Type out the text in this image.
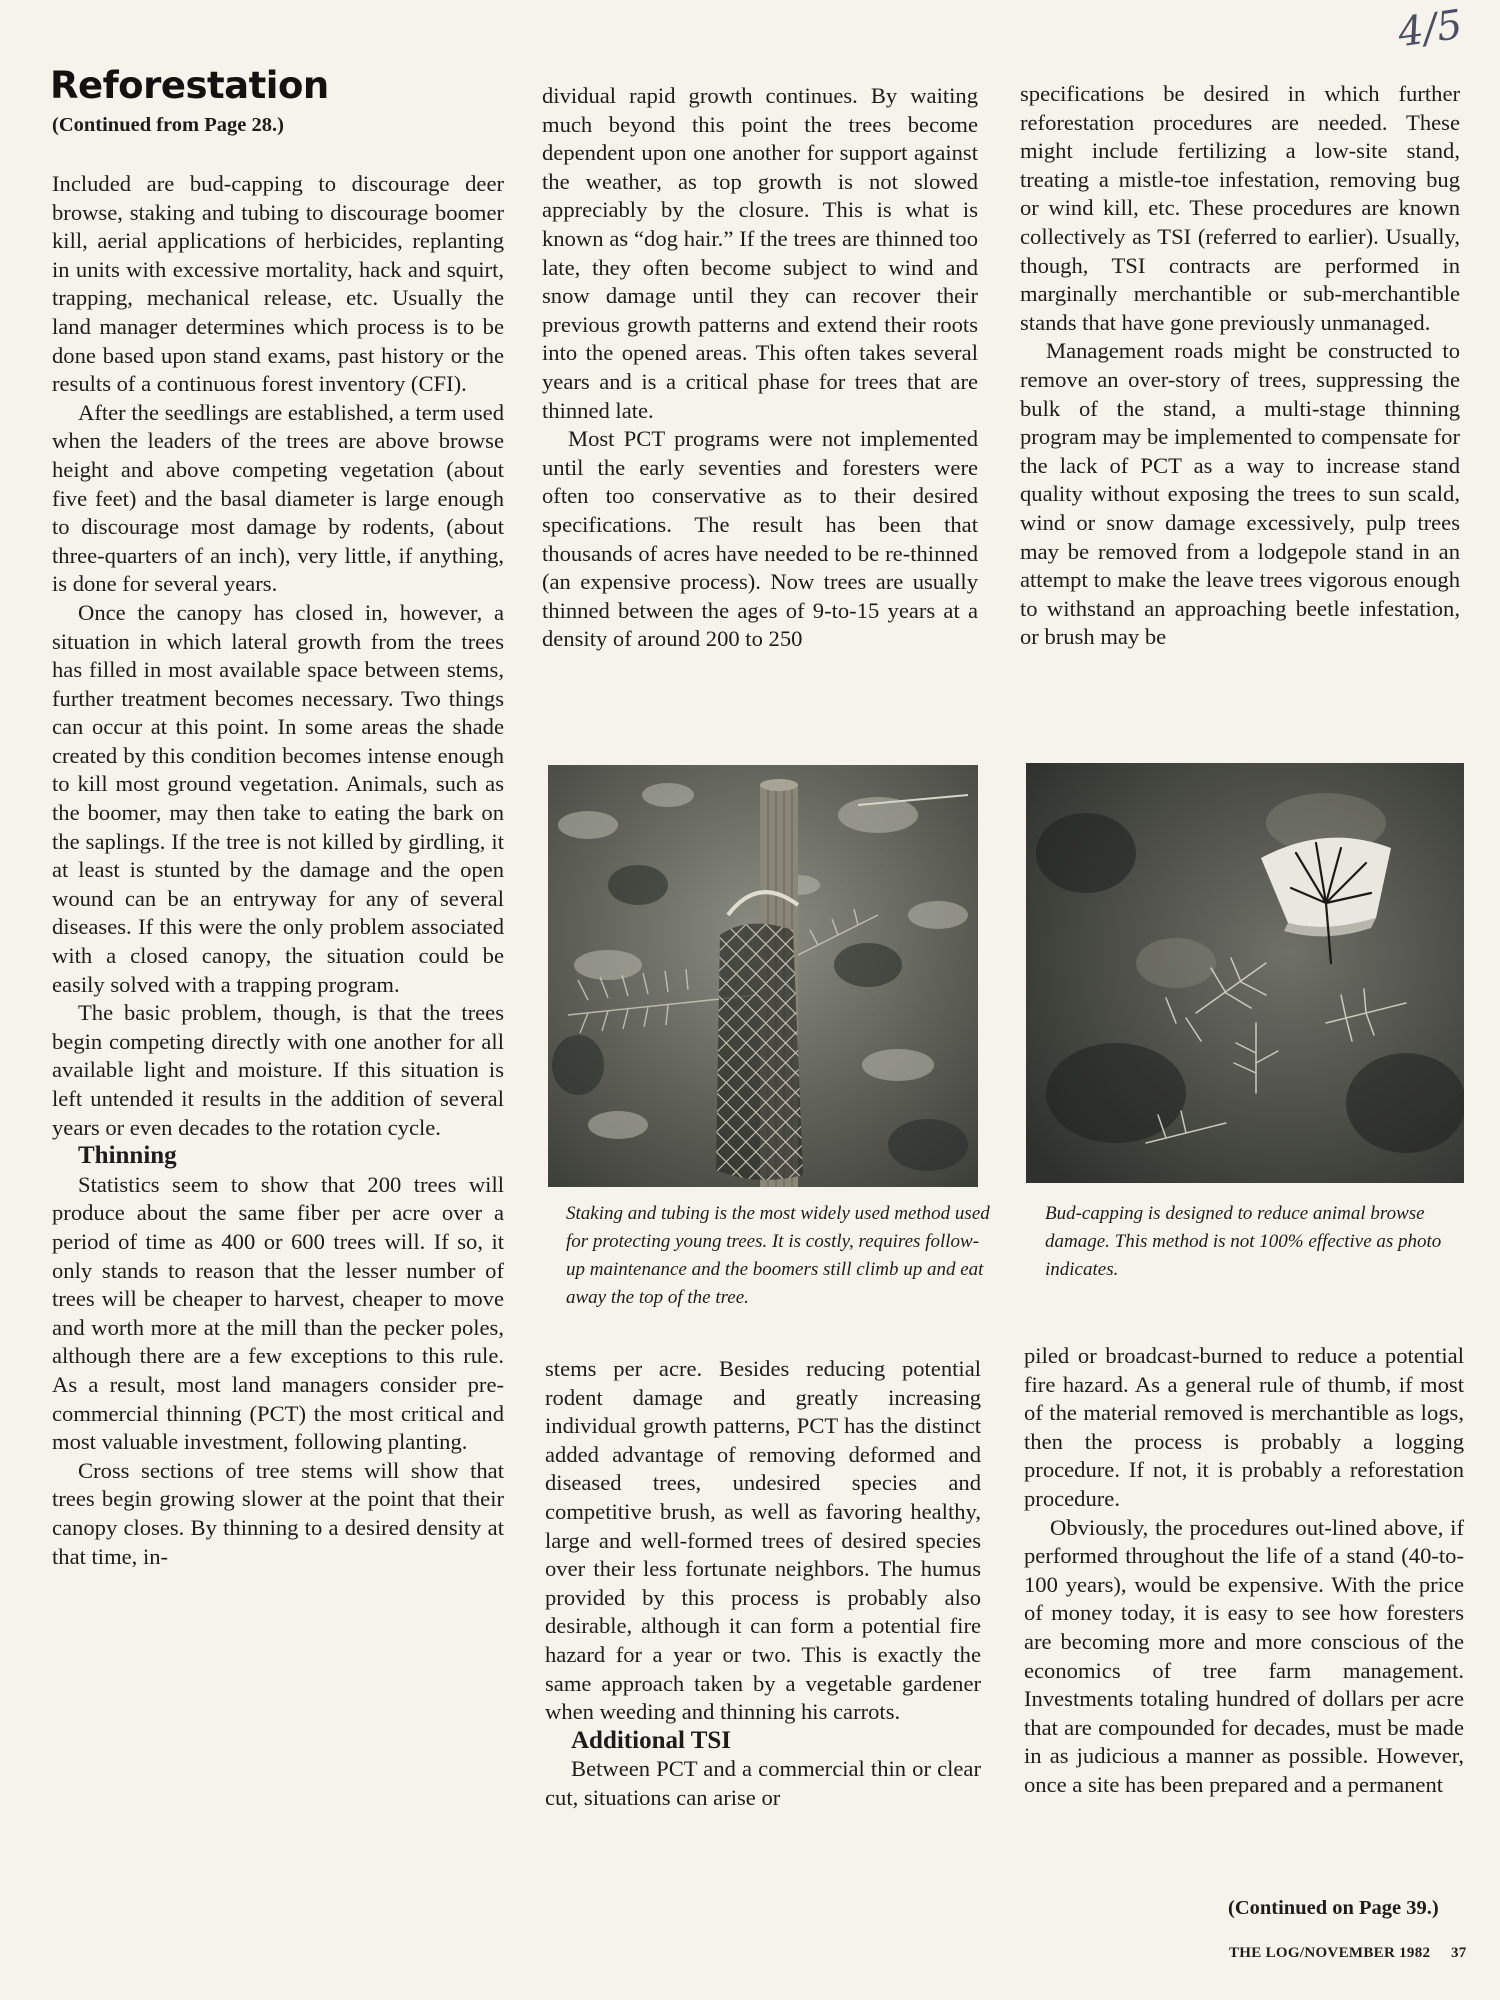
4/5
Reforestation
(Continued from Page 28.)

Included are bud-capping to discourage deer browse, staking and tubing to discourage boomer kill, aerial applications of herbicides, replanting in units with excessive mortality, hack and squirt, trapping, mechanical release, etc. Usually the land manager determines which process is to be done based upon stand exams, past history or the results of a continuous forest inventory (CFI).

After the seedlings are established, a term used when the leaders of the trees are above browse height and above competing vegetation (about five feet) and the basal diameter is large enough to discourage most damage by rodents, (about three-quarters of an inch), very little, if anything, is done for several years.

Once the canopy has closed in, however, a situation in which lateral growth from the trees has filled in most available space between stems, further treatment becomes necessary. Two things can occur at this point. In some areas the shade created by this condition becomes intense enough to kill most ground vegetation. Animals, such as the boomer, may then take to eating the bark on the saplings. If the tree is not killed by girdling, it at least is stunted by the damage and the open wound can be an entryway for any of several diseases. If this were the only problem associated with a closed canopy, the situation could be easily solved with a trapping program.

The basic problem, though, is that the trees begin competing directly with one another for all available light and moisture. If this situation is left untended it results in the addition of several years or even decades to the rotation cycle.

Thinning

Statistics seem to show that 200 trees will produce about the same fiber per acre over a period of time as 400 or 600 trees will. If so, it only stands to reason that the lesser number of trees will be cheaper to harvest, cheaper to move and worth more at the mill than the pecker poles, although there are a few exceptions to this rule. As a result, most land managers consider pre-commercial thinning (PCT) the most critical and most valuable investment, following planting.

Cross sections of tree stems will show that trees begin growing slower at the point that their canopy closes. By thinning to a desired density at that time, in-

dividual rapid growth continues. By waiting much beyond this point the trees become dependent upon one another for support against the weather, as top growth is not slowed appreciably by the closure. This is what is known as “dog hair.” If the trees are thinned too late, they often become subject to wind and snow damage until they can recover their previous growth patterns and extend their roots into the opened areas. This often takes several years and is a critical phase for trees that are thinned late.

Most PCT programs were not implemented until the early seventies and foresters were often too conservative as to their desired specifications. The result has been that thousands of acres have needed to be re-thinned (an expensive process). Now trees are usually thinned between the ages of 9-to-15 years at a density of around 200 to 250

specifications be desired in which further reforestation procedures are needed. These might include fertilizing a low-site stand, treating a mistle-toe infestation, removing bug or wind kill, etc. These procedures are known collectively as TSI (referred to earlier). Usually, though, TSI contracts are performed in marginally merchantible or sub-merchantible stands that have gone previously unmanaged.

Management roads might be constructed to remove an over-story of trees, suppressing the bulk of the stand, a multi-stage thinning program may be implemented to compensate for the lack of PCT as a way to increase stand quality without exposing the trees to sun scald, wind or snow damage excessively, pulp trees may be removed from a lodgepole stand in an attempt to make the leave trees vigorous enough to withstand an approaching beetle infestation, or brush may be

Staking and tubing is the most widely used method used for protecting young trees. It is costly, requires follow-up maintenance and the boomers still climb up and eat away the top of the tree.
Bud-capping is designed to reduce animal browse damage. This method is not 100% effective as photo indicates.

stems per acre. Besides reducing potential rodent damage and greatly increasing individual growth patterns, PCT has the distinct added advantage of removing deformed and diseased trees, undesired species and competitive brush, as well as favoring healthy, large and well-formed trees of desired species over their less fortunate neighbors. The humus provided by this process is probably also desirable, although it can form a potential fire hazard for a year or two. This is exactly the same approach taken by a vegetable gardener when weeding and thinning his carrots.

Additional TSI

Between PCT and a commercial thin or clear cut, situations can arise or

piled or broadcast-burned to reduce a potential fire hazard. As a general rule of thumb, if most of the material removed is merchantible as logs, then the process is probably a logging procedure. If not, it is probably a reforestation procedure.

Obviously, the procedures out-lined above, if performed throughout the life of a stand (40-to-100 years), would be expensive. With the price of money today, it is easy to see how foresters are becoming more and more conscious of the economics of tree farm management. Investments totaling hundred of dollars per acre that are compounded for decades, must be made in as judicious a manner as possible. However, once a site has been prepared and a permanent

(Continued on Page 39.)
THE LOG/NOVEMBER 1982 37
